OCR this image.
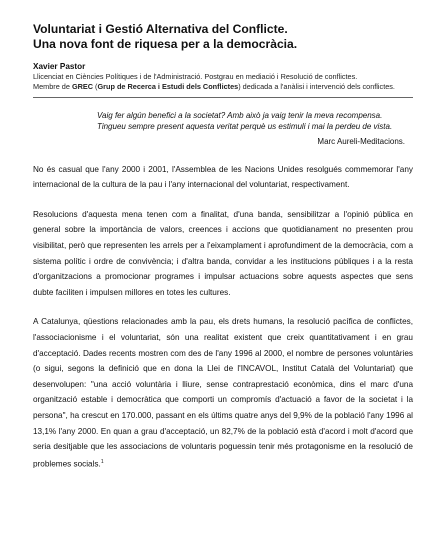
Voluntariat i Gestió Alternativa del Conflicte.
Una nova font de riquesa per a la democràcia.
Xavier Pastor
Llicenciat en Ciències Polítiques i de l'Administració. Postgrau en mediació i Resolució de conflictes.
Membre de GREC (Grup de Recerca i Estudi dels Conflictes) dedicada a l'anàlisi i intervenció dels conflictes.
Vaig fer algún benefici a la societat? Amb això ja vaig tenir la meva recompensa. Tingueu sempre present aquesta veritat perquè us estimuli i mai la perdeu de vista.
Marc Aureli-Meditacions.
No és casual que l'any 2000 i 2001, l'Assemblea de les Nacions Unides resolgués commemorar l'any internacional de la cultura de la pau i l'any internacional del voluntariat, respectivament.
Resolucions d'aquesta mena tenen com a finalitat, d'una banda, sensibilitzar a l'opinió pública en general sobre la importància de valors, creences i accions que quotidianament no presenten prou visibilitat, però que representen les arrels per a l'eixamplament i aprofundiment de la democràcia, com a sistema polític i ordre de convivència; i d'altra banda, convidar a les institucions públiques i a la resta d'organitzacions a promocionar programes i impulsar actuacions sobre aquests aspectes que sens dubte faciliten i impulsen millores en totes les cultures.
A Catalunya, qüestions relacionades amb la pau, els drets humans, la resolució pacífica de conflictes, l'associacionisme i el voluntariat, són una realitat existent que creix quantitativament i en grau d'acceptació. Dades recents mostren com des de l'any 1996 al 2000, el nombre de persones voluntàries (o sigui, segons la definició que en dona la Llei de l'INCAVOL, Institut Català del Voluntariat) que desenvolupen: "una acció voluntària i lliure, sense contraprestació econòmica, dins el marc d'una organització estable i democràtica que comporti un compromís d'actuació a favor de la societat i la persona", ha crescut en 170.000, passant en els últims quatre anys del 9,9% de la població l'any 1996 al 13,1% l'any 2000. En quan a grau d'acceptació, un 82,7% de la població està d'acord i molt d'acord que seria desitjable que les associacions de voluntaris poguessin tenir més protagonisme en la resolució de problemes socials.$^1$
